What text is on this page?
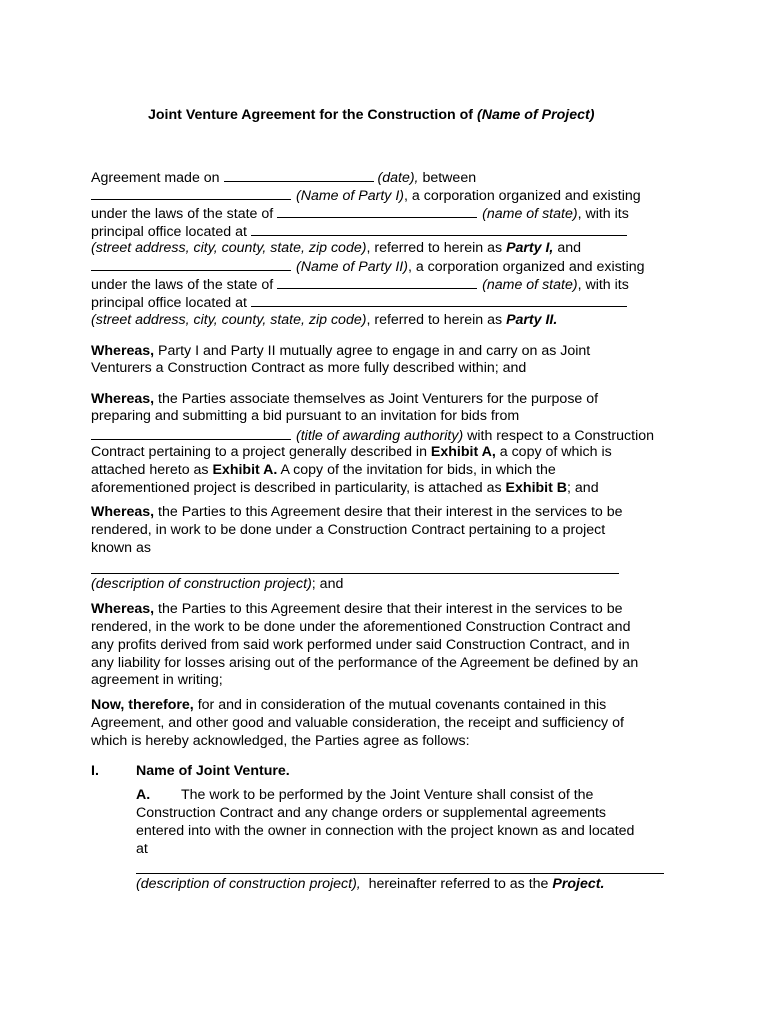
Joint Venture Agreement for the Construction of (Name of Project)
Agreement made on	(date), between
(Name of Party I), a corporation organized and existing
under the laws of the state of	(name of state), with its
principal office located at
(street address, city, county, state, zip code), referred to herein as Party I, and
(Name of Party II), a corporation organized and existing
under the laws of the state of	(name of state), with its
principal office located at
(street address, city, county, state, zip code), referred to herein as Party II.
Whereas, Party I and Party II mutually agree to engage in and carry on as Joint
Venturers a Construction Contract as more fully described within; and
Whereas, the Parties associate themselves as Joint Venturers for the purpose of
preparing and submitting a bid pursuant to an invitation for bids from
(title of awarding authority) with respect to a Construction
Contract pertaining to a project generally described in Exhibit A, a copy of which is
attached hereto as Exhibit A. A copy of the invitation for bids, in which the
aforementioned project is described in particularity, is attached as Exhibit B; and
Whereas, the Parties to this Agreement desire that their interest in the services to be
rendered, in work to be done under a Construction Contract pertaining to a project
known as
(description of construction project); and
Whereas, the Parties to this Agreement desire that their interest in the services to be
rendered, in the work to be done under the aforementioned Construction Contract and
any profits derived from said work performed under said Construction Contract, and in
any liability for losses arising out of the performance of the Agreement be defined by an
agreement in writing;
Now, therefore, for and in consideration of the mutual covenants contained in this
Agreement, and other good and valuable consideration, the receipt and sufficiency of
which is hereby acknowledged, the Parties agree as follows:
I.	Name of Joint Venture.
A. The work to be performed by the Joint Venture shall consist of the
Construction Contract and any change orders or supplemental agreements
entered into with the owner in connection with the project known as and located
at
(description of construction project),  hereinafter referred to as the Project.
